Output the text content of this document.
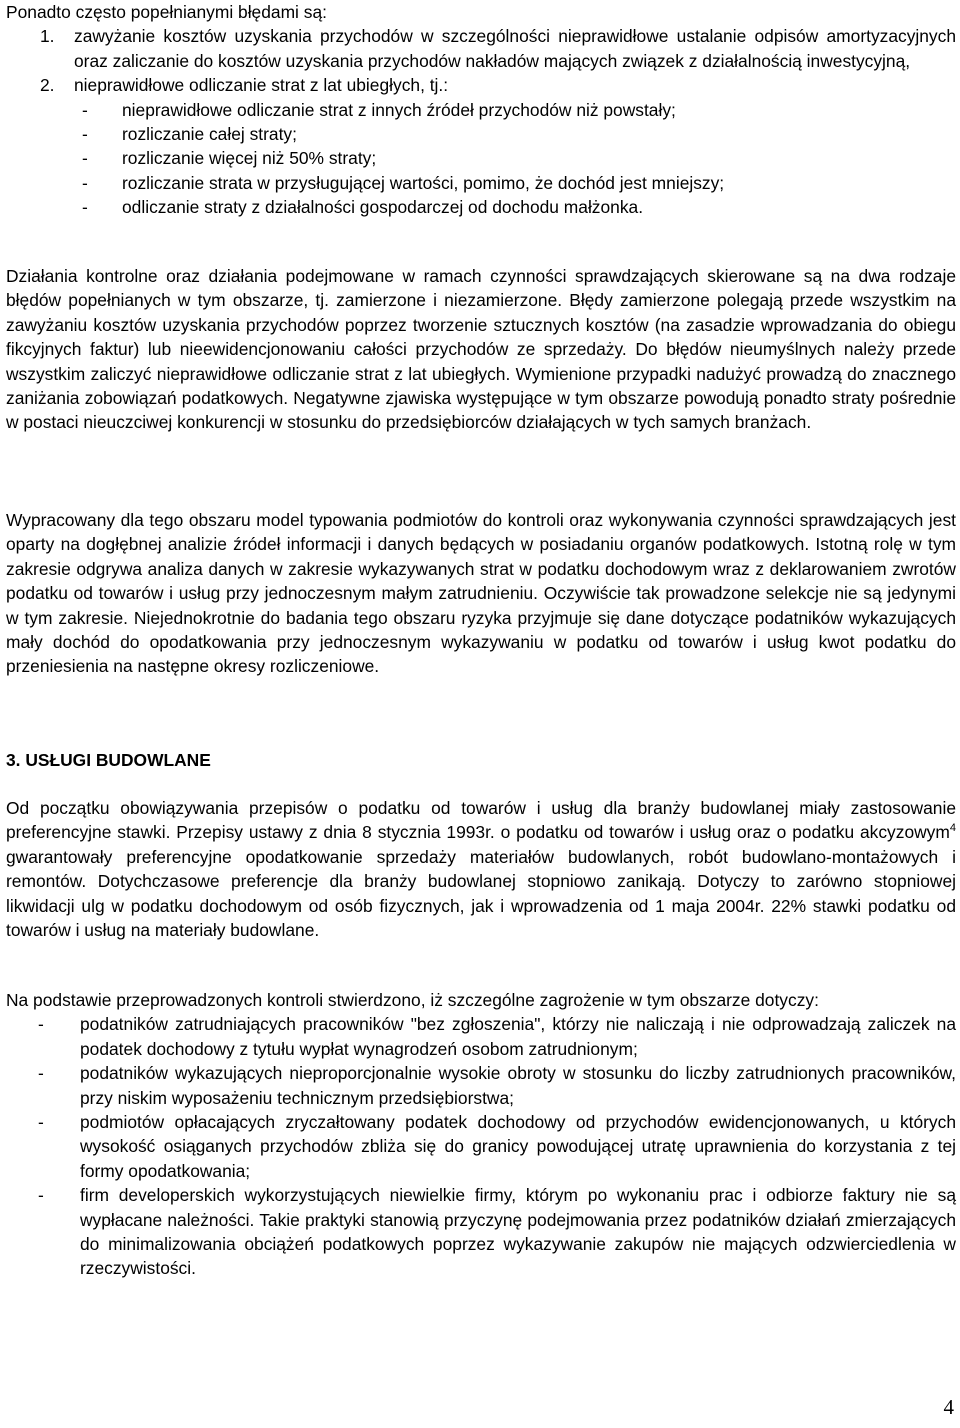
Ponadto często popełnianymi błędami są:

1. zawyżanie kosztów uzyskania przychodów w szczególności nieprawidłowe ustalanie odpisów amortyzacyjnych oraz zaliczanie do kosztów uzyskania przychodów nakładów mających związek z działalnością inwestycyjną,
2. nieprawidłowe odliczanie strat z lat ubiegłych, tj.:
- nieprawidłowe odliczanie strat z innych źródeł przychodów niż powstały;
- rozliczanie całej straty;
- rozliczanie więcej niż 50% straty;
- rozliczanie strata w przysługującej wartości, pomimo, że dochód jest mniejszy;
- odliczanie straty z działalności gospodarczej od dochodu małżonka.

Działania kontrolne oraz działania podejmowane w ramach czynności sprawdzających skierowane są na dwa rodzaje błędów popełnianych w tym obszarze, tj. zamierzone i niezamierzone. Błędy zamierzone polegają przede wszystkim na zawyżaniu kosztów uzyskania przychodów poprzez tworzenie sztucznych kosztów (na zasadzie wprowadzania do obiegu fikcyjnych faktur) lub nieewidencjonowaniu całości przychodów ze sprzedaży. Do błędów nieumyślnych należy przede wszystkim zaliczyć nieprawidłowe odliczanie strat z lat ubiegłych. Wymienione przypadki nadużyć prowadzą do znacznego zaniżania zobowiązań podatkowych. Negatywne zjawiska występujące w tym obszarze powodują ponadto straty pośrednie w postaci nieuczciwej konkurencji w stosunku do przedsiębiorców działających w tych samych branżach.

Wypracowany dla tego obszaru model typowania podmiotów do kontroli oraz wykonywania czynności sprawdzających jest oparty na dogłębnej analizie źródeł informacji i danych będących w posiadaniu organów podatkowych. Istotną rolę w tym zakresie odgrywa analiza danych w zakresie wykazywanych strat w podatku dochodowym wraz z deklarowaniem zwrotów podatku od towarów i usług przy jednoczesnym małym zatrudnieniu. Oczywiście tak prowadzone selekcje nie są jedynymi w tym zakresie. Niejednokrotnie do badania tego obszaru ryzyka przyjmuje się dane dotyczące podatników wykazujących mały dochód do opodatkowania przy jednoczesnym wykazywaniu w podatku od towarów i usług kwot podatku do przeniesienia na następne okresy rozliczeniowe.

3. USŁUGI BUDOWLANE

Od początku obowiązywania przepisów o podatku od towarów i usług dla branży budowlanej miały zastosowanie preferencyjne stawki. Przepisy ustawy z dnia 8 stycznia 1993r. o podatku od towarów i usług oraz o podatku akcyzowym$^4$ gwarantowały preferencyjne opodatkowanie sprzedaży materiałów budowlanych, robót budowlano-montażowych i remontów. Dotychczasowe preferencje dla branży budowlanej stopniowo zanikają. Dotyczy to zarówno stopniowej likwidacji ulg w podatku dochodowym od osób fizycznych, jak i wprowadzenia od 1 maja 2004r. 22% stawki podatku od towarów i usług na materiały budowlane.

Na podstawie przeprowadzonych kontroli stwierdzono, iż szczególne zagrożenie w tym obszarze dotyczy:

- podatników zatrudniających pracowników "bez zgłoszenia", którzy nie naliczają i nie odprowadzają zaliczek na podatek dochodowy z tytułu wypłat wynagrodzeń osobom zatrudnionym;
- podatników wykazujących nieproporcjonalnie wysokie obroty w stosunku do liczby zatrudnionych pracowników, przy niskim wyposażeniu technicznym przedsiębiorstwa;
- podmiotów opłacających zryczałtowany podatek dochodowy od przychodów ewidencjonowanych, u których wysokość osiąganych przychodów zbliża się do granicy powodującej utratę uprawnienia do korzystania z tej formy opodatkowania;
- firm developerskich wykorzystujących niewielkie firmy, którym po wykonaniu prac i odbiorze faktury nie są wypłacane należności. Takie praktyki stanowią przyczynę podejmowania przez podatników działań zmierzających do minimalizowania obciążeń podatkowych poprzez wykazywanie zakupów nie mających odzwierciedlenia w rzeczywistości.
4
